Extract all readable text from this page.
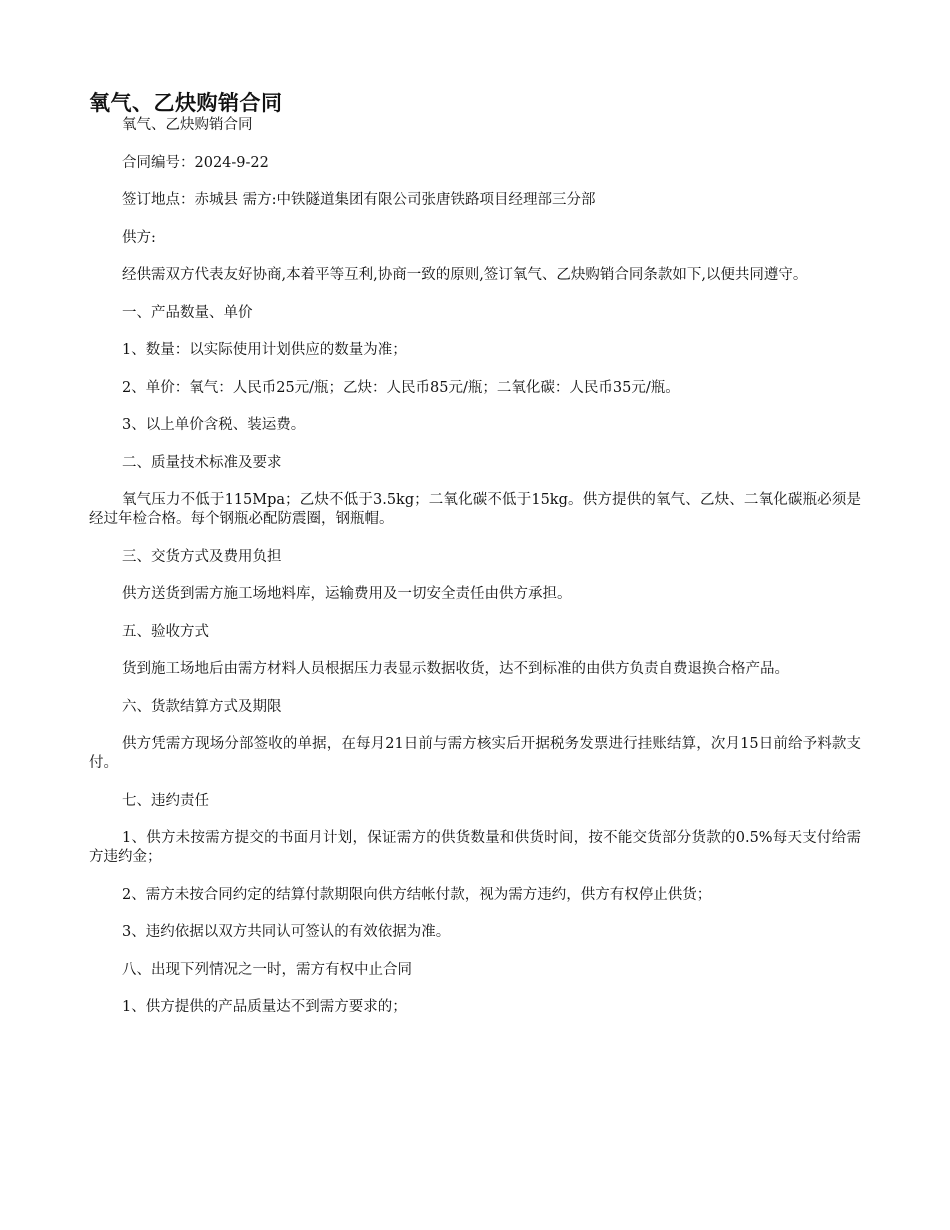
氧气、乙炔购销合同

氧气、乙炔购销合同

合同编号：2024-9-22

签订地点：赤城县 需方:中铁隧道集团有限公司张唐铁路项目经理部三分部

供方:

经供需双方代表友好协商,本着平等互利,协商一致的原则,签订氧气、乙炔购销合同条款如下,以便共同遵守。

一、产品数量、单价

1、数量：以实际使用计划供应的数量为准；

2、单价：氧气：人民币25元/瓶；乙炔：人民币85元/瓶；二氧化碳：人民币35元/瓶。

3、以上单价含税、装运费。

二、质量技术标准及要求

氧气压力不低于115Mpa；乙炔不低于3.5kg；二氧化碳不低于15kg。供方提供的氧气、乙炔、二氧化碳瓶必须是经过年检合格。每个钢瓶必配防震圈，钢瓶帽。

三、交货方式及费用负担

供方送货到需方施工场地料库，运输费用及一切安全责任由供方承担。

五、验收方式

货到施工场地后由需方材料人员根据压力表显示数据收货，达不到标准的由供方负责自费退换合格产品。

六、货款结算方式及期限

供方凭需方现场分部签收的单据，在每月21日前与需方核实后开据税务发票进行挂账结算，次月15日前给予料款支付。

七、违约责任

1、供方未按需方提交的书面月计划，保证需方的供货数量和供货时间，按不能交货部分货款的0.5%每天支付给需方违约金；

2、需方未按合同约定的结算付款期限向供方结帐付款，视为需方违约，供方有权停止供货；

3、违约依据以双方共同认可签认的有效依据为准。

八、出现下列情况之一时，需方有权中止合同

1、供方提供的产品质量达不到需方要求的；
